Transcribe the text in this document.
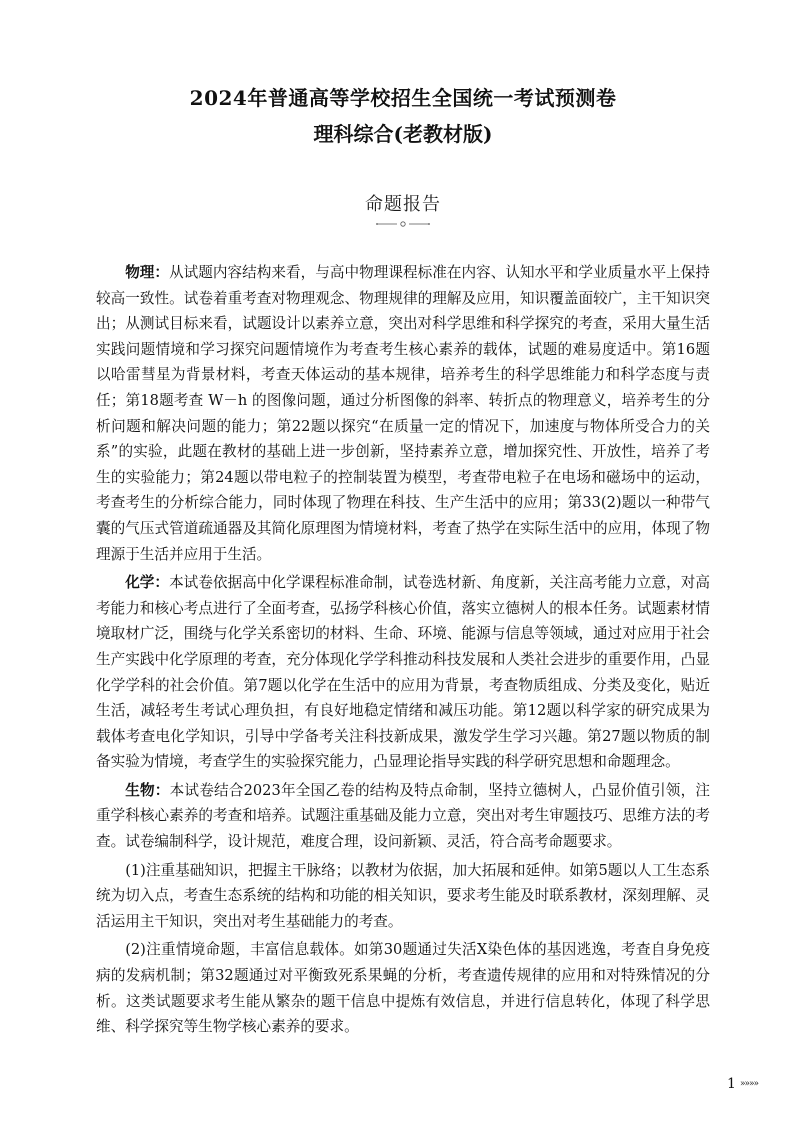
2024年普通高等学校招生全国统一考试预测卷
理科综合(老教材版)
命题报告

物理：从试题内容结构来看，与高中物理课程标准在内容、认知水平和学业质量水平上保持较高一致性。试卷着重考查对物理观念、物理规律的理解及应用，知识覆盖面较广，主干知识突出；从测试目标来看，试题设计以素养立意，突出对科学思维和科学探究的考查，采用大量生活实践问题情境和学习探究问题情境作为考查考生核心素养的载体，试题的难易度适中。第16题以哈雷彗星为背景材料，考查天体运动的基本规律，培养考生的科学思维能力和科学态度与责任；第18题考查 W－h 的图像问题，通过分析图像的斜率、转折点的物理意义，培养考生的分析问题和解决问题的能力；第22题以探究“在质量一定的情况下，加速度与物体所受合力的关系”的实验，此题在教材的基础上进一步创新，坚持素养立意，增加探究性、开放性，培养了考生的实验能力；第24题以带电粒子的控制装置为模型，考查带电粒子在电场和磁场中的运动，考查考生的分析综合能力，同时体现了物理在科技、生产生活中的应用；第33(2)题以一种带气囊的气压式管道疏通器及其简化原理图为情境材料，考查了热学在实际生活中的应用，体现了物理源于生活并应用于生活。

化学：本试卷依据高中化学课程标准命制，试卷选材新、角度新，关注高考能力立意，对高考能力和核心考点进行了全面考查，弘扬学科核心价值，落实立德树人的根本任务。试题素材情境取材广泛，围绕与化学关系密切的材料、生命、环境、能源与信息等领域，通过对应用于社会生产实践中化学原理的考查，充分体现化学学科推动科技发展和人类社会进步的重要作用，凸显化学学科的社会价值。第7题以化学在生活中的应用为背景，考查物质组成、分类及变化，贴近生活，减轻考生考试心理负担，有良好地稳定情绪和减压功能。第12题以科学家的研究成果为载体考查电化学知识，引导中学备考关注科技新成果，激发学生学习兴趣。第27题以物质的制备实验为情境，考查学生的实验探究能力，凸显理论指导实践的科学研究思想和命题理念。

生物：本试卷结合2023年全国乙卷的结构及特点命制，坚持立德树人，凸显价值引领，注重学科核心素养的考查和培养。试题注重基础及能力立意，突出对考生审题技巧、思维方法的考查。试卷编制科学，设计规范，难度合理，设问新颖、灵活，符合高考命题要求。

(1)注重基础知识，把握主干脉络；以教材为依据，加大拓展和延伸。如第5题以人工生态系统为切入点，考查生态系统的结构和功能的相关知识，要求考生能及时联系教材，深刻理解、灵活运用主干知识，突出对考生基础能力的考查。

(2)注重情境命题，丰富信息载体。如第30题通过失活X染色体的基因逃逸，考查自身免疫病的发病机制；第32题通过对平衡致死系果蝇的分析，考查遗传规律的应用和对特殊情况的分析。这类试题要求考生能从繁杂的题干信息中提炼有效信息，并进行信息转化，体现了科学思维、科学探究等生物学核心素养的要求。

1 »»»»
